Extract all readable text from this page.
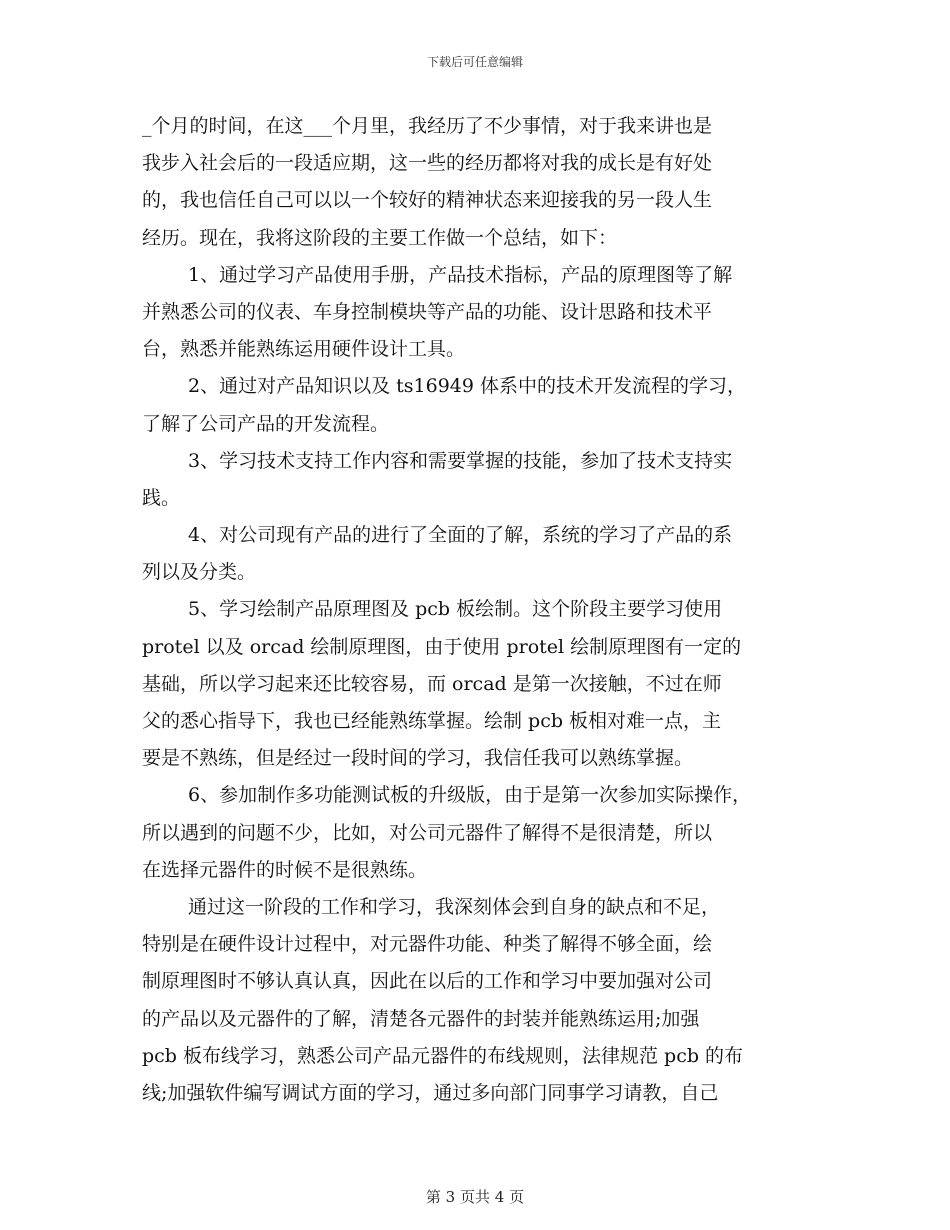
下载后可任意编辑
_个月的时间，在这___个月里，我经历了不少事情，对于我来讲也是
我步入社会后的一段适应期，这一些的经历都将对我的成长是有好处
的，我也信任自己可以以一个较好的精神状态来迎接我的另一段人生
经历。现在，我将这阶段的主要工作做一个总结，如下：
1、通过学习产品使用手册，产品技术指标，产品的原理图等了解
并熟悉公司的仪表、车身控制模块等产品的功能、设计思路和技术平
台，熟悉并能熟练运用硬件设计工具。
2、通过对产品知识以及 ts16949 体系中的技术开发流程的学习，
了解了公司产品的开发流程。
3、学习技术支持工作内容和需要掌握的技能，参加了技术支持实
践。
4、对公司现有产品的进行了全面的了解，系统的学习了产品的系
列以及分类。
5、学习绘制产品原理图及 pcb 板绘制。这个阶段主要学习使用
protel 以及 orcad 绘制原理图，由于使用 protel 绘制原理图有一定的
基础，所以学习起来还比较容易，而 orcad 是第一次接触，不过在师
父的悉心指导下，我也已经能熟练掌握。绘制 pcb 板相对难一点，主
要是不熟练，但是经过一段时间的学习，我信任我可以熟练掌握。
6、参加制作多功能测试板的升级版，由于是第一次参加实际操作，
所以遇到的问题不少，比如，对公司元器件了解得不是很清楚，所以
在选择元器件的时候不是很熟练。
通过这一阶段的工作和学习，我深刻体会到自身的缺点和不足，
特别是在硬件设计过程中，对元器件功能、种类了解得不够全面，绘
制原理图时不够认真认真，因此在以后的工作和学习中要加强对公司
的产品以及元器件的了解，清楚各元器件的封装并能熟练运用;加强
pcb 板布线学习，熟悉公司产品元器件的布线规则，法律规范 pcb 的布
线;加强软件编写调试方面的学习，通过多向部门同事学习请教，自己
第 3 页共 4 页
